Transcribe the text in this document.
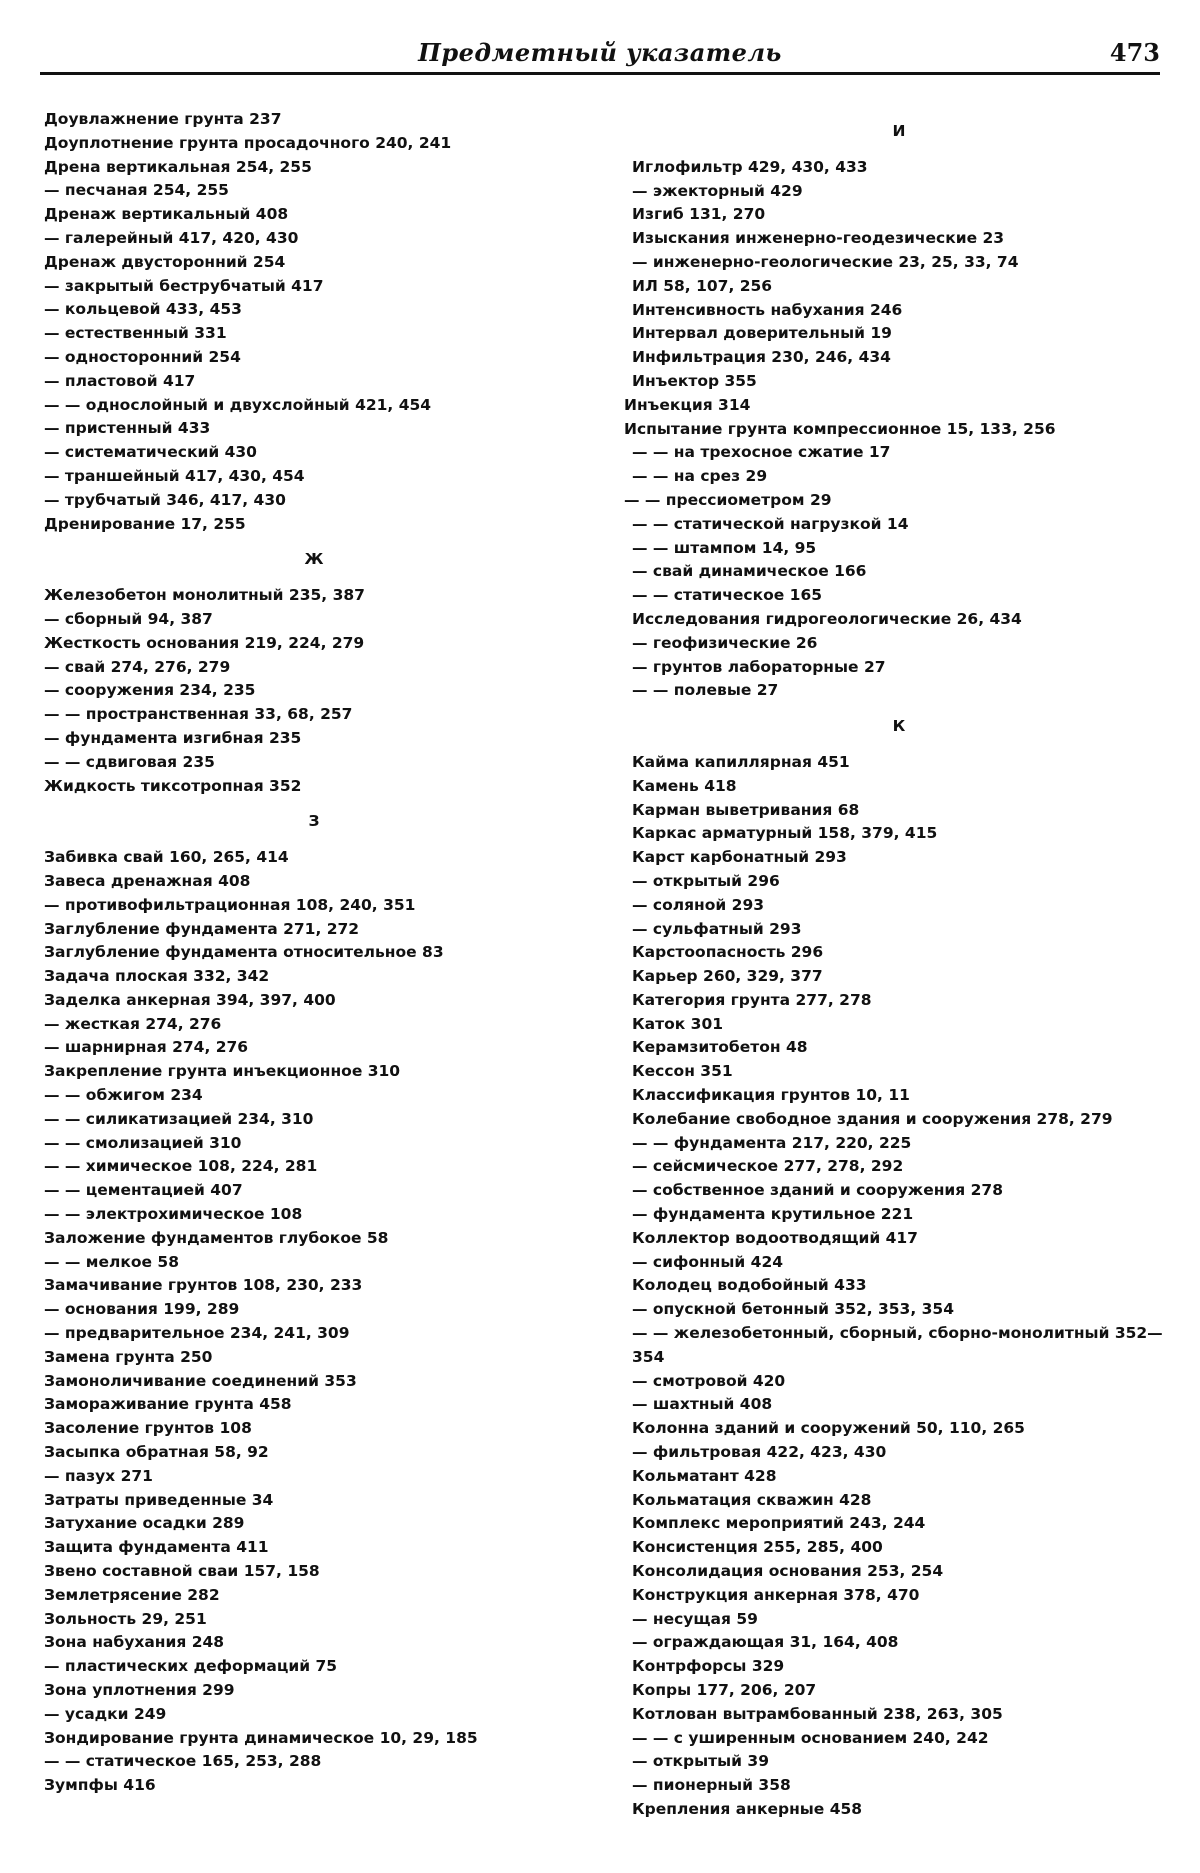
Предметный указатель	473
Доувлажнение грунта 237
Доуплотнение грунта просадочного 240, 241
Дрена вертикальная 254, 255
— песчаная 254, 255
Дренаж вертикальный 408
— галерейный 417, 420, 430
Дренаж двусторонний 254
— закрытый беструбчатый 417
— кольцевой 433, 453
— естественный 331
— односторонний 254
— пластовой 417
— — однослойный и двухслойный 421, 454
— пристенный 433
— систематический 430
— траншейный 417, 430, 454
— трубчатый 346, 417, 430
Дренирование 17, 255
Ж
Железобетон монолитный 235, 387
— сборный 94, 387
Жесткость основания 219, 224, 279
— свай 274, 276, 279
— сооружения 234, 235
— — пространственная 33, 68, 257
— фундамента изгибная 235
— — сдвиговая 235
Жидкость тиксотропная 352
З
Забивка свай 160, 265, 414
Завеса дренажная 408
— противофильтрационная 108, 240, 351
Заглубление фундамента 271, 272
Заглубление фундамента относительное 83
Задача плоская 332, 342
Заделка анкерная 394, 397, 400
— жесткая 274, 276
— шарнирная 274, 276
Закрепление грунта инъекционное 310
— — обжигом 234
— — силикатизацией 234, 310
— — смолизацией 310
— — химическое 108, 224, 281
— — цементацией 407
— — электрохимическое 108
Заложение фундаментов глубокое 58
— — мелкое 58
Замачивание грунтов 108, 230, 233
— основания 199, 289
— предварительное 234, 241, 309
Замена грунта 250
Замоноличивание соединений 353
Замораживание грунта 458
Засоление грунтов 108
Засыпка обратная 58, 92
— пазух 271
Затраты приведенные 34
Затухание осадки 289
Защита фундамента 411
Звено составной сваи 157, 158
Землетрясение 282
Зольность 29, 251
Зона набухания 248
— пластических деформаций 75
Зона уплотнения 299
— усадки 249
Зондирование грунта динамическое 10, 29, 185
— — статическое 165, 253, 288
Зумпфы 416
И
Иглофильтр 429, 430, 433
— эжекторный 429
Изгиб 131, 270
Изыскания инженерно-геодезические 23
— инженерно-геологические 23, 25, 33, 74
ИЛ 58, 107, 256
Интенсивность набухания 246
Интервал доверительный 19
Инфильтрация 230, 246, 434
Инъектор 355
Инъекция 314
Испытание грунта компрессионное 15, 133, 256
— — на трехосное сжатие 17
— — на срез 29
— — прессиометром 29
— — статической нагрузкой 14
— — штампом 14, 95
— свай динамическое 166
— — статическое 165
Исследования гидрогеологические 26, 434
— геофизические 26
— грунтов лабораторные 27
— — полевые 27
К
Кайма капиллярная 451
Камень 418
Карман выветривания 68
Каркас арматурный 158, 379, 415
Карст карбонатный 293
— открытый 296
— соляной 293
— сульфатный 293
Карстоопасность 296
Карьер 260, 329, 377
Категория грунта 277, 278
Каток 301
Керамзитобетон 48
Кессон 351
Классификация грунтов 10, 11
Колебание свободное здания и сооружения 278, 279
— — фундамента 217, 220, 225
— сейсмическое 277, 278, 292
— собственное зданий и сооружения 278
— фундамента крутильное 221
Коллектор водоотводящий 417
— сифонный 424
Колодец водобойный 433
— опускной бетонный 352, 353, 354
— — железобетонный, сборный, сборно-монолитный 352—354
— смотровой 420
— шахтный 408
Колонна зданий и сооружений 50, 110, 265
— фильтровая 422, 423, 430
Кольматант 428
Кольматация скважин 428
Комплекс мероприятий 243, 244
Консистенция 255, 285, 400
Консолидация основания 253, 254
Конструкция анкерная 378, 470
— несущая 59
— ограждающая 31, 164, 408
Контрфорсы 329
Копры 177, 206, 207
Котлован вытрамбованный 238, 263, 305
— — с уширенным основанием 240, 242
— открытый 39
— пионерный 358
Крепления анкерные 458
